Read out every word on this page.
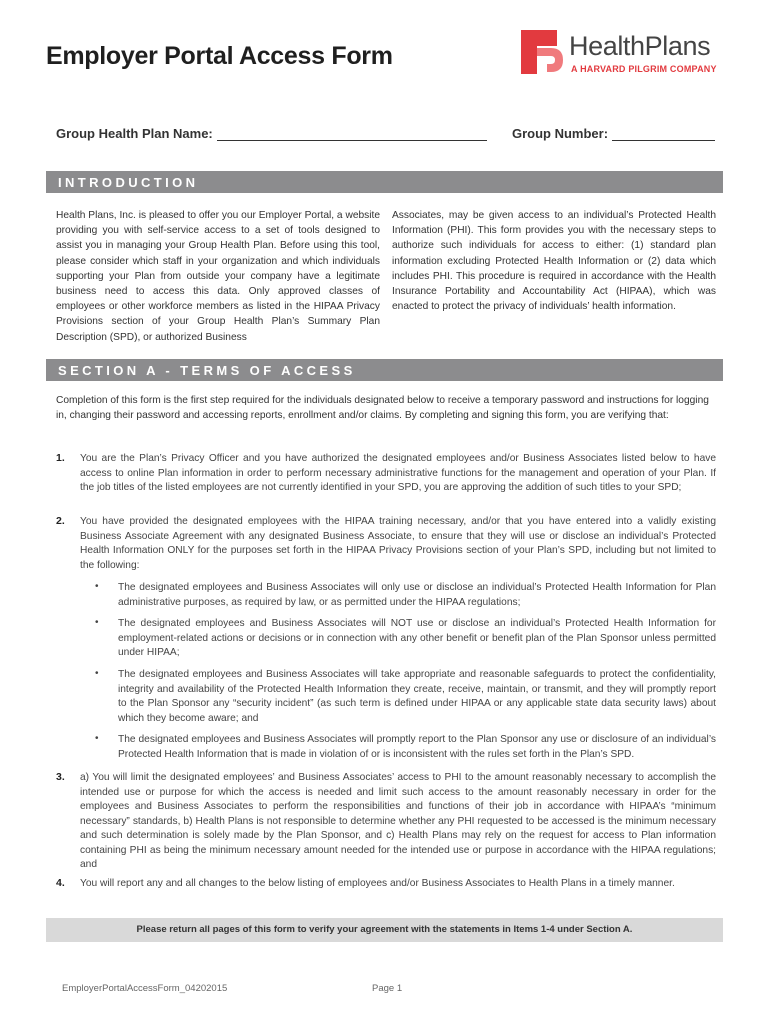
Employer Portal Access Form	HealthPlans
A HARVARD PILGRIM COMPANY
Group Health Plan Name:	Group Number:
INTRODUCTION
Health Plans, Inc. is pleased to offer you our Employer Portal, a website providing you with self-service access to a set of tools designed to assist you in managing your Group Health Plan. Before using this tool, please consider which staff in your organization and which individuals supporting your Plan from outside your company have a legitimate business need to access this data. Only approved classes of employees or other workforce members as listed in the HIPAA Privacy Provisions section of your Group Health Plan’s Summary Plan Description (SPD), or authorized Business
Associates, may be given access to an individual’s Protected Health Information (PHI). This form provides you with the necessary steps to authorize such individuals for access to either: (1) standard plan information excluding Protected Health Information or (2) data which includes PHI. This procedure is required in accordance with the Health Insurance Portability and Accountability Act (HIPAA), which was enacted to protect the privacy of individuals’ health information.
SECTION A - TERMS OF ACCESS
Completion of this form is the first step required for the individuals designated below to receive a temporary password and instructions for logging in, changing their password and accessing reports, enrollment and/or claims. By completing and signing this form, you are verifying that:
1. You are the Plan’s Privacy Officer and you have authorized the designated employees and/or Business Associates listed below to have access to online Plan information in order to perform necessary administrative functions for the management and operation of your Plan. If the job titles of the listed employees are not currently identified in your SPD, you are approving the addition of such titles to your SPD;
2. You have provided the designated employees with the HIPAA training necessary, and/or that you have entered into a validly existing Business Associate Agreement with any designated Business Associate, to ensure that they will use or disclose an individual’s Protected Health Information ONLY for the purposes set forth in the HIPAA Privacy Provisions section of your Plan’s SPD, including but not limited to the following:
• The designated employees and Business Associates will only use or disclose an individual’s Protected Health Information for Plan administrative purposes, as required by law, or as permitted under the HIPAA regulations;
• The designated employees and Business Associates will NOT use or disclose an individual’s Protected Health Information for employment-related actions or decisions or in connection with any other benefit or benefit plan of the Plan Sponsor unless permitted under HIPAA;
• The designated employees and Business Associates will take appropriate and reasonable safeguards to protect the confidentiality, integrity and availability of the Protected Health Information they create, receive, maintain, or transmit, and they will promptly report to the Plan Sponsor any “security incident” (as such term is defined under HIPAA or any applicable state data security laws) about which they become aware; and
• The designated employees and Business Associates will promptly report to the Plan Sponsor any use or disclosure of an individual’s Protected Health Information that is made in violation of or is inconsistent with the rules set forth in the Plan’s SPD.
3. a) You will limit the designated employees’ and Business Associates’ access to PHI to the amount reasonably necessary to accomplish the intended use or purpose for which the access is needed and limit such access to the amount reasonably necessary in order for the employees and Business Associates to perform the responsibilities and functions of their job in accordance with HIPAA’s “minimum necessary” standards, b) Health Plans is not responsible to determine whether any PHI requested to be accessed is the minimum necessary and such determination is solely made by the Plan Sponsor, and c) Health Plans may rely on the request for access to Plan information containing PHI as being the minimum necessary amount needed for the intended use or purpose in accordance with the HIPAA regulations; and
4. You will report any and all changes to the below listing of employees and/or Business Associates to Health Plans in a timely manner.
Please return all pages of this form to verify your agreement with the statements in Items 1-4 under Section A.
EmployerPortalAccessForm_04202015	Page 1
